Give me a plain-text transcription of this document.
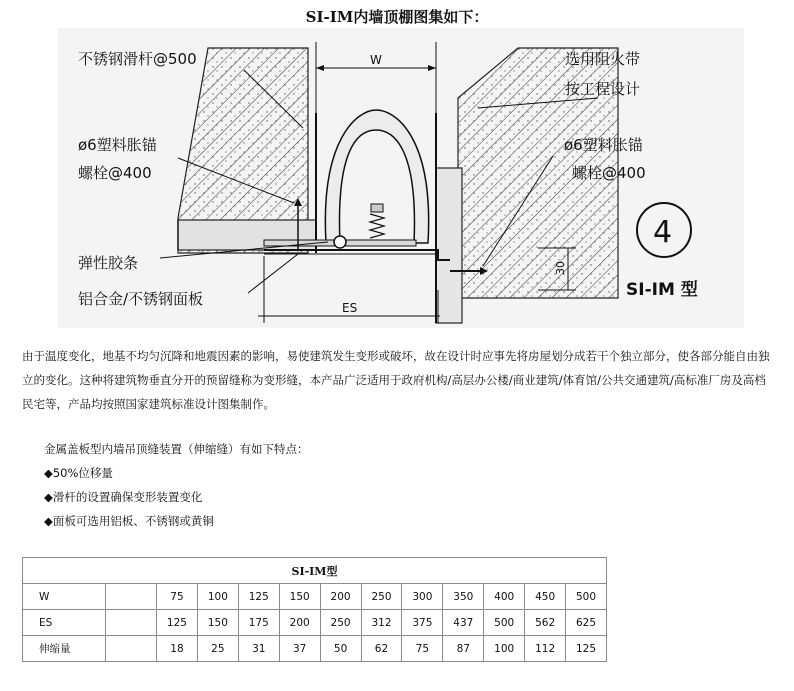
SI-IM内墙顶棚图集如下：
不锈钢滑杆@500	选用阻火带
按工程设计
ø6塑料胀锚
螺栓@400
ø6塑料胀锚
螺栓@400
弹性胶条
铝合金/不锈钢面板
W
ES
30
4
SI-IM 型

由于温度变化，地基不均匀沉降和地震因素的影响，易使建筑发生变形或破坏，故在设计时应事先将房屋划分成若干个独立部分，使各部分能自由独立的变化。这种将建筑物垂直分开的预留缝称为变形缝，本产品广泛适用于政府机构/高层办公楼/商业建筑/体育馆/公共交通建筑/高标准厂房及高档民宅等，产品均按照国家建筑标准设计图集制作。

金属盖板型内墙吊顶缝装置（伸缩缝）有如下特点：
◆50%位移量
◆滑杆的设置确保变形装置变化
◆面板可选用铝板、不锈钢或黄铜
SI-IM型												
W		75	100	125	150	200	250	300	350	400	450	500
ES		125	150	175	200	250	312	375	437	500	562	625
伸缩量		18	25	31	37	50	62	75	87	100	112	125
